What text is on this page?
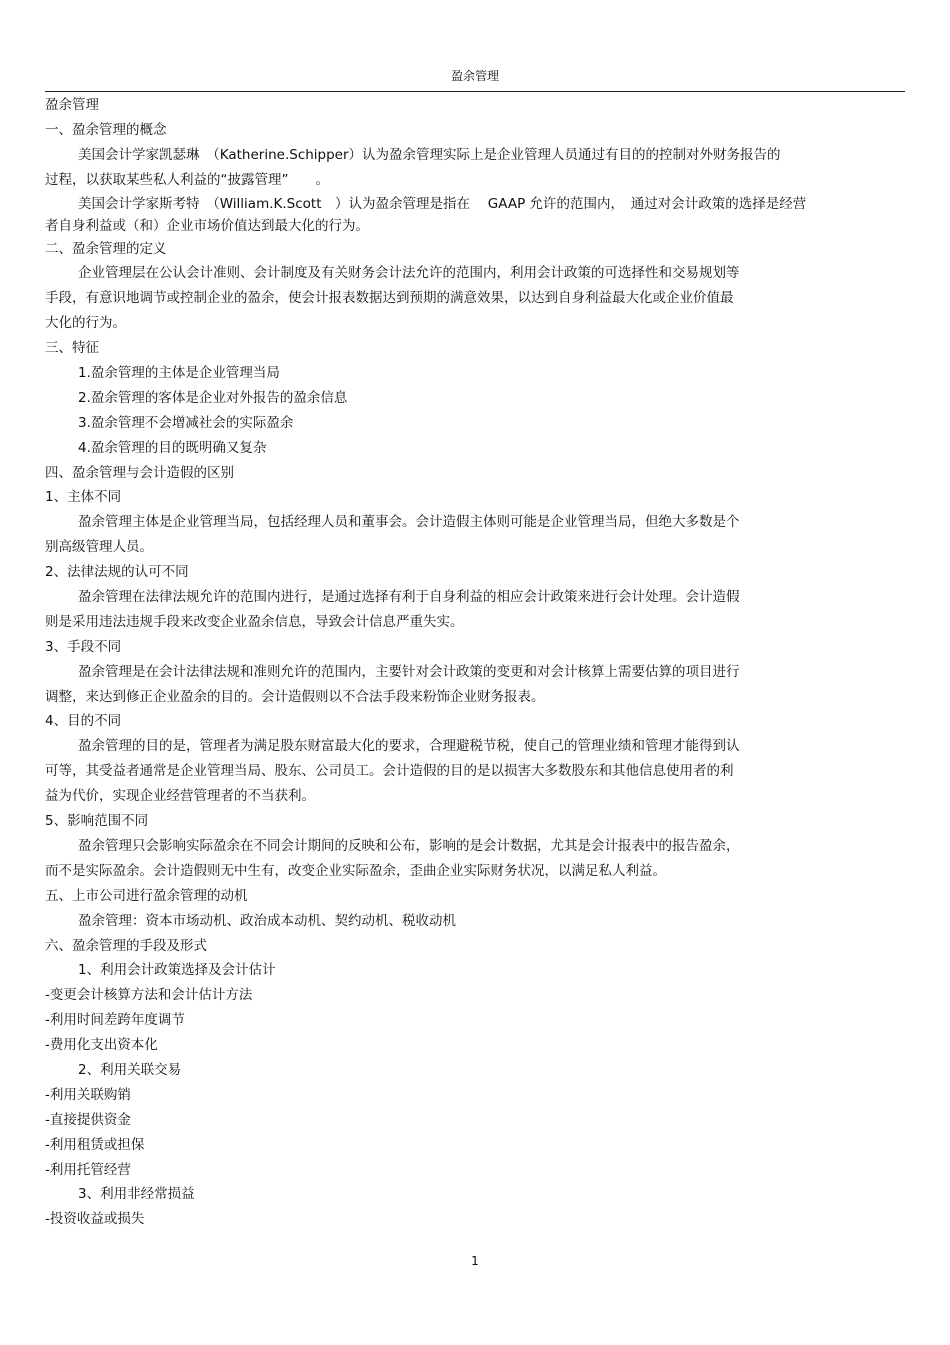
盈余管理
盈余管理
一、盈余管理的概念
美国会计学家凯瑟琳　（Katherine.Schipper）认为盈余管理实际上是企业管理人员通过有目的的控制对外财务报告的
过程，以获取某些私人利益的“披露管理”　　。
美国会计学家斯考特　（William.K.Scott　）认为盈余管理是指在　 GAAP 允许的范围内，　通过对会计政策的选择是经营
者自身利益或（和）企业市场价值达到最大化的行为。
二、盈余管理的定义
企业管理层在公认会计准则、会计制度及有关财务会计法允许的范围内，利用会计政策的可选择性和交易规划等
手段，有意识地调节或控制企业的盈余，使会计报表数据达到预期的满意效果，以达到自身利益最大化或企业价值最
大化的行为。
三、特征
1.盈余管理的主体是企业管理当局
2.盈余管理的客体是企业对外报告的盈余信息
3.盈余管理不会增减社会的实际盈余
4.盈余管理的目的既明确又复杂
四、盈余管理与会计造假的区别
1、主体不同
盈余管理主体是企业管理当局，包括经理人员和董事会。会计造假主体则可能是企业管理当局，但绝大多数是个
别高级管理人员。
2、法律法规的认可不同
盈余管理在法律法规允许的范围内进行，是通过选择有利于自身利益的相应会计政策来进行会计处理。会计造假
则是采用违法违规手段来改变企业盈余信息，导致会计信息严重失实。
3、手段不同
盈余管理是在会计法律法规和准则允许的范围内，主要针对会计政策的变更和对会计核算上需要估算的项目进行
调整，来达到修正企业盈余的目的。会计造假则以不合法手段来粉饰企业财务报表。
4、目的不同
盈余管理的目的是，管理者为满足股东财富最大化的要求，合理避税节税，使自己的管理业绩和管理才能得到认
可等，其受益者通常是企业管理当局、股东、公司员工。会计造假的目的是以损害大多数股东和其他信息使用者的利
益为代价，实现企业经营管理者的不当获利。
5、影响范围不同
盈余管理只会影响实际盈余在不同会计期间的反映和公布，影响的是会计数据，尤其是会计报表中的报告盈余，
而不是实际盈余。会计造假则无中生有，改变企业实际盈余，歪曲企业实际财务状况，以满足私人利益。
五、上市公司进行盈余管理的动机
盈余管理：资本市场动机、政治成本动机、契约动机、税收动机
六、盈余管理的手段及形式
1、利用会计政策选择及会计估计
-变更会计核算方法和会计估计方法
-利用时间差跨年度调节
-费用化支出资本化
2、利用关联交易
-利用关联购销
-直接提供资金
-利用租赁或担保
-利用托管经营
3、利用非经常损益
-投资收益或损失
1
